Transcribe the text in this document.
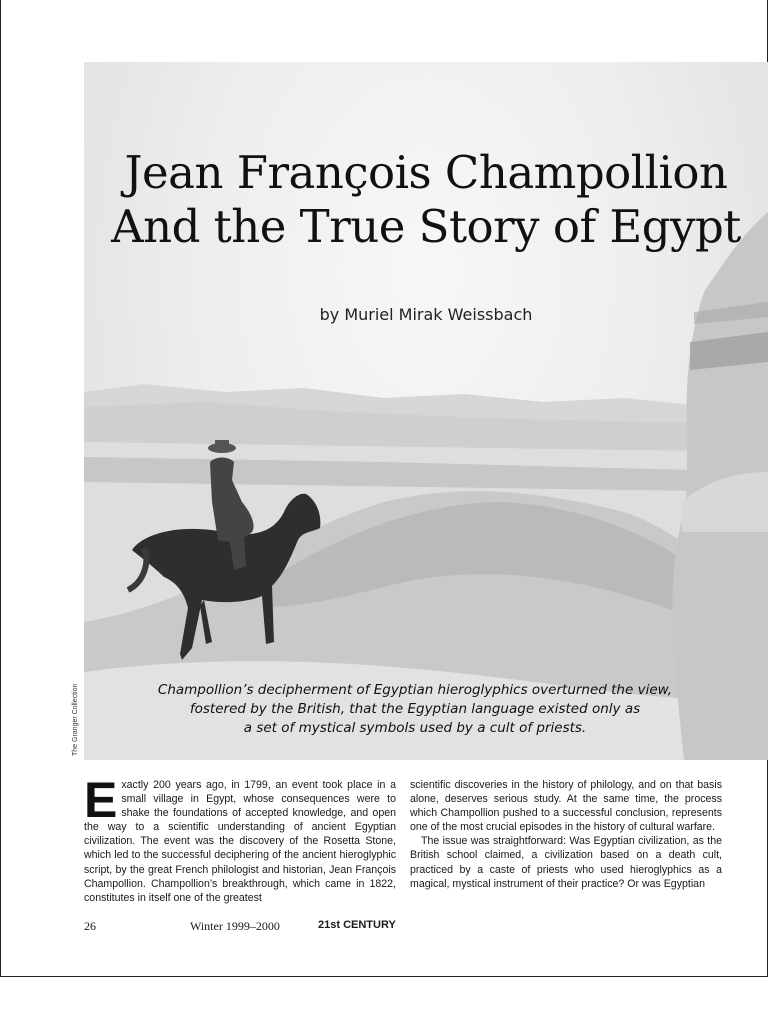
Jean François Champollion
And the True Story of Egypt
by Muriel Mirak Weissbach
Champollion’s decipherment of Egyptian hieroglyphics overturned the view,
fostered by the British, that the Egyptian language existed only as
a set of mystical symbols used by a cult of priests.
The Granger Collection
Exactly 200 years ago, in 1799, an event took place in a small village in Egypt, whose consequences were to shake the foundations of accepted knowledge, and open the way to a scientific understanding of ancient Egyptian civilization. The event was the discovery of the Rosetta Stone, which led to the successful deciphering of the ancient hieroglyphic script, by the great French philologist and historian, Jean François Champollion. Champollion’s breakthrough, which came in 1822, constitutes in itself one of the greatest

scientific discoveries in the history of philology, and on that basis alone, deserves serious study. At the same time, the process which Champollion pushed to a successful conclusion, represents one of the most crucial episodes in the history of cultural warfare.

The issue was straightforward: Was Egyptian civilization, as the British school claimed, a civilization based on a death cult, practiced by a caste of priests who used hieroglyphics as a magical, mystical instrument of their practice? Or was Egyptian

26	Winter 1999–2000	21st CENTURY
